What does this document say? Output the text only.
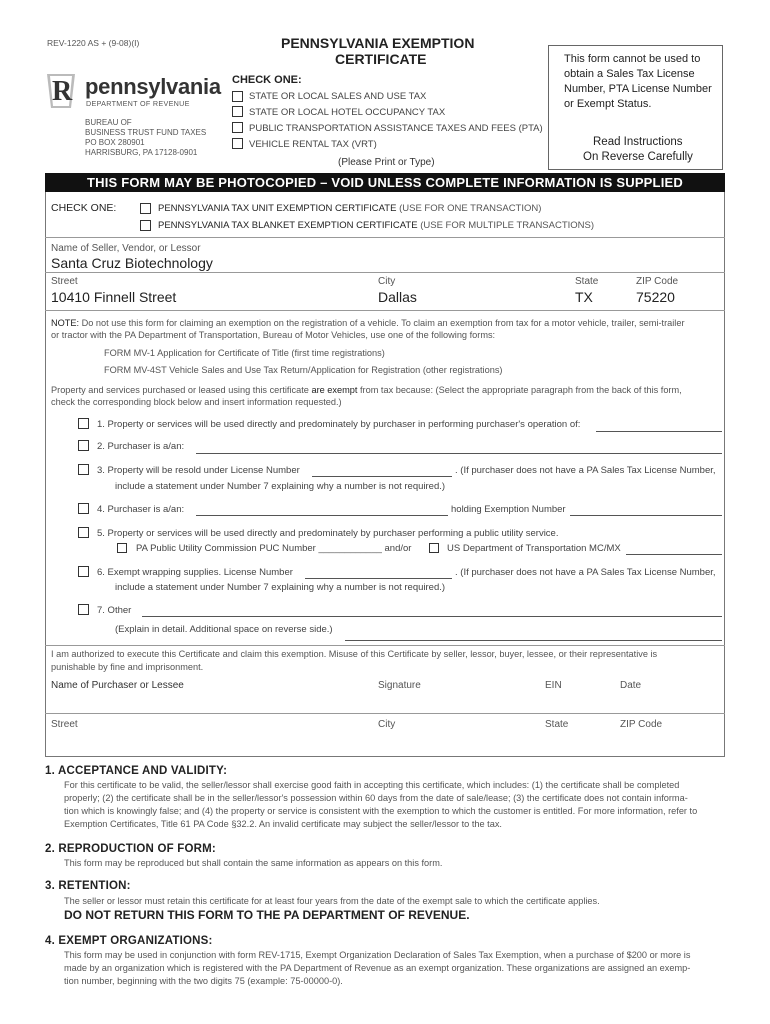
REV-1220 AS + (9-08)(I)
R pennsylvania
DEPARTMENT OF REVENUE
BUREAU OF
BUSINESS TRUST FUND TAXES
PO BOX 280901
HARRISBURG, PA 17128-0901
PENNSYLVANIA EXEMPTION
CERTIFICATE
CHECK ONE:
STATE OR LOCAL SALES AND USE TAX
STATE OR LOCAL HOTEL OCCUPANCY TAX
PUBLIC TRANSPORTATION ASSISTANCE TAXES AND FEES (PTA)
VEHICLE RENTAL TAX (VRT)
(Please Print or Type)
This form cannot be used to
obtain a Sales Tax License
Number, PTA License Number
or Exempt Status.
Read Instructions
On Reverse Carefully
THIS FORM MAY BE PHOTOCOPIED – VOID UNLESS COMPLETE INFORMATION IS SUPPLIED
CHECK ONE:	PENNSYLVANIA TAX UNIT EXEMPTION CERTIFICATE (USE FOR ONE TRANSACTION)
PENNSYLVANIA TAX BLANKET EXEMPTION CERTIFICATE (USE FOR MULTIPLE TRANSACTIONS)
Name of Seller, Vendor, or Lessor
Santa Cruz Biotechnology
Street	City	State	ZIP Code
10410 Finnell Street	Dallas	TX	75220
NOTE: Do not use this form for claiming an exemption on the registration of a vehicle. To claim an exemption from tax for a motor vehicle, trailer, semi-trailer
or tractor with the PA Department of Transportation, Bureau of Motor Vehicles, use one of the following forms:
FORM MV-1 Application for Certificate of Title (first time registrations)
FORM MV-4ST Vehicle Sales and Use Tax Return/Application for Registration (other registrations)
Property and services purchased or leased using this certificate are exempt from tax because: (Select the appropriate paragraph from the back of this form,
check the corresponding block below and insert information requested.)
1. Property or services will be used directly and predominately by purchaser in performing purchaser's operation of:
2. Purchaser is a/an:
3. Property will be resold under License Number	. (If purchaser does not have a PA Sales Tax License Number,
include a statement under Number 7 explaining why a number is not required.)
4. Purchaser is a/an:	holding Exemption Number
5. Property or services will be used directly and predominately by purchaser performing a public utility service.
PA Public Utility Commission PUC Number ____________ and/or	US Department of Transportation MC/MX
6. Exempt wrapping supplies. License Number	. (If purchaser does not have a PA Sales Tax License Number,
include a statement under Number 7 explaining why a number is not required.)
7. Other
(Explain in detail. Additional space on reverse side.)
I am authorized to execute this Certificate and claim this exemption. Misuse of this Certificate by seller, lessor, buyer, lessee, or their representative is
punishable by fine and imprisonment.
Name of Purchaser or Lessee	Signature	EIN	Date
Street	City	State	ZIP Code
1. ACCEPTANCE AND VALIDITY:
For this certificate to be valid, the seller/lessor shall exercise good faith in accepting this certificate, which includes: (1) the certificate shall be completed
properly; (2) the certificate shall be in the seller/lessor's possession within 60 days from the date of sale/lease; (3) the certificate does not contain informa-
tion which is knowingly false; and (4) the property or service is consistent with the exemption to which the customer is entitled. For more information, refer to
Exemption Certificates, Title 61 PA Code §32.2. An invalid certificate may subject the seller/lessor to the tax.
2. REPRODUCTION OF FORM:
This form may be reproduced but shall contain the same information as appears on this form.
3. RETENTION:
The seller or lessor must retain this certificate for at least four years from the date of the exempt sale to which the certificate applies.
DO NOT RETURN THIS FORM TO THE PA DEPARTMENT OF REVENUE.
4. EXEMPT ORGANIZATIONS:
This form may be used in conjunction with form REV-1715, Exempt Organization Declaration of Sales Tax Exemption, when a purchase of $200 or more is
made by an organization which is registered with the PA Department of Revenue as an exempt organization. These organizations are assigned an exemp-
tion number, beginning with the two digits 75 (example: 75-00000-0).
